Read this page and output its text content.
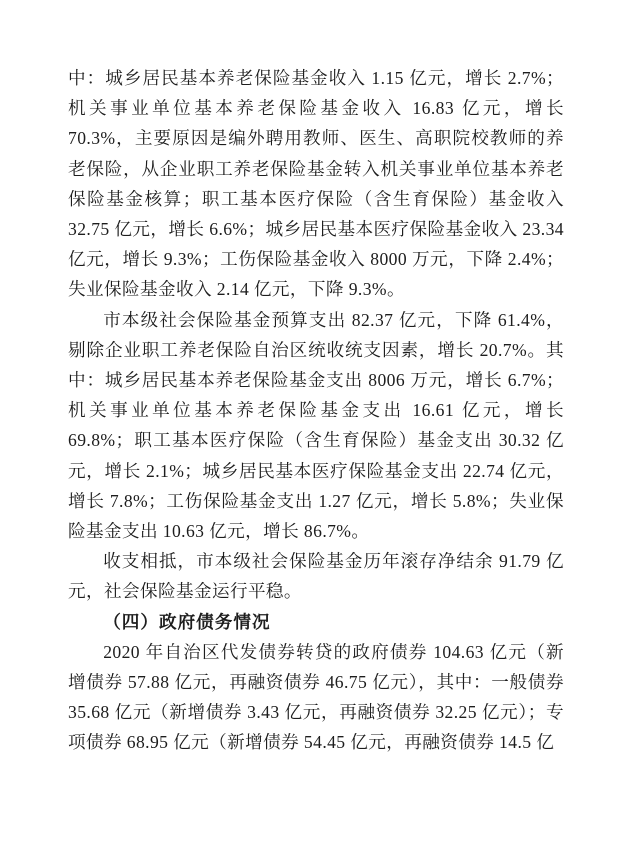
中：城乡居民基本养老保险基金收入 1.15 亿元，增长 2.7%；机关事业单位基本养老保险基金收入 16.83 亿元，增长 70.3%，主要原因是编外聘用教师、医生、高职院校教师的养老保险，从企业职工养老保险基金转入机关事业单位基本养老保险基金核算；职工基本医疗保险（含生育保险）基金收入 32.75 亿元，增长 6.6%；城乡居民基本医疗保险基金收入 23.34 亿元，增长 9.3%；工伤保险基金收入 8000 万元，下降 2.4%；失业保险基金收入 2.14 亿元，下降 9.3%。

市本级社会保险基金预算支出 82.37 亿元，下降 61.4%，剔除企业职工养老保险自治区统收统支因素，增长 20.7%。其中：城乡居民基本养老保险基金支出 8006 万元，增长 6.7%；机关事业单位基本养老保险基金支出 16.61 亿元，增长 69.8%；职工基本医疗保险（含生育保险）基金支出 30.32 亿元，增长 2.1%；城乡居民基本医疗保险基金支出 22.74 亿元，增长 7.8%；工伤保险基金支出 1.27 亿元，增长 5.8%；失业保险基金支出 10.63 亿元，增长 86.7%。

收支相抵，市本级社会保险基金历年滚存净结余 91.79 亿元，社会保险基金运行平稳。

（四）政府债务情况

2020 年自治区代发债券转贷的政府债券 104.63 亿元（新增债券 57.88 亿元，再融资债券 46.75 亿元），其中：一般债券 35.68 亿元（新增债券 3.43 亿元，再融资债券 32.25 亿元）；专项债券 68.95 亿元（新增债券 54.45 亿元，再融资债券 14.5 亿
